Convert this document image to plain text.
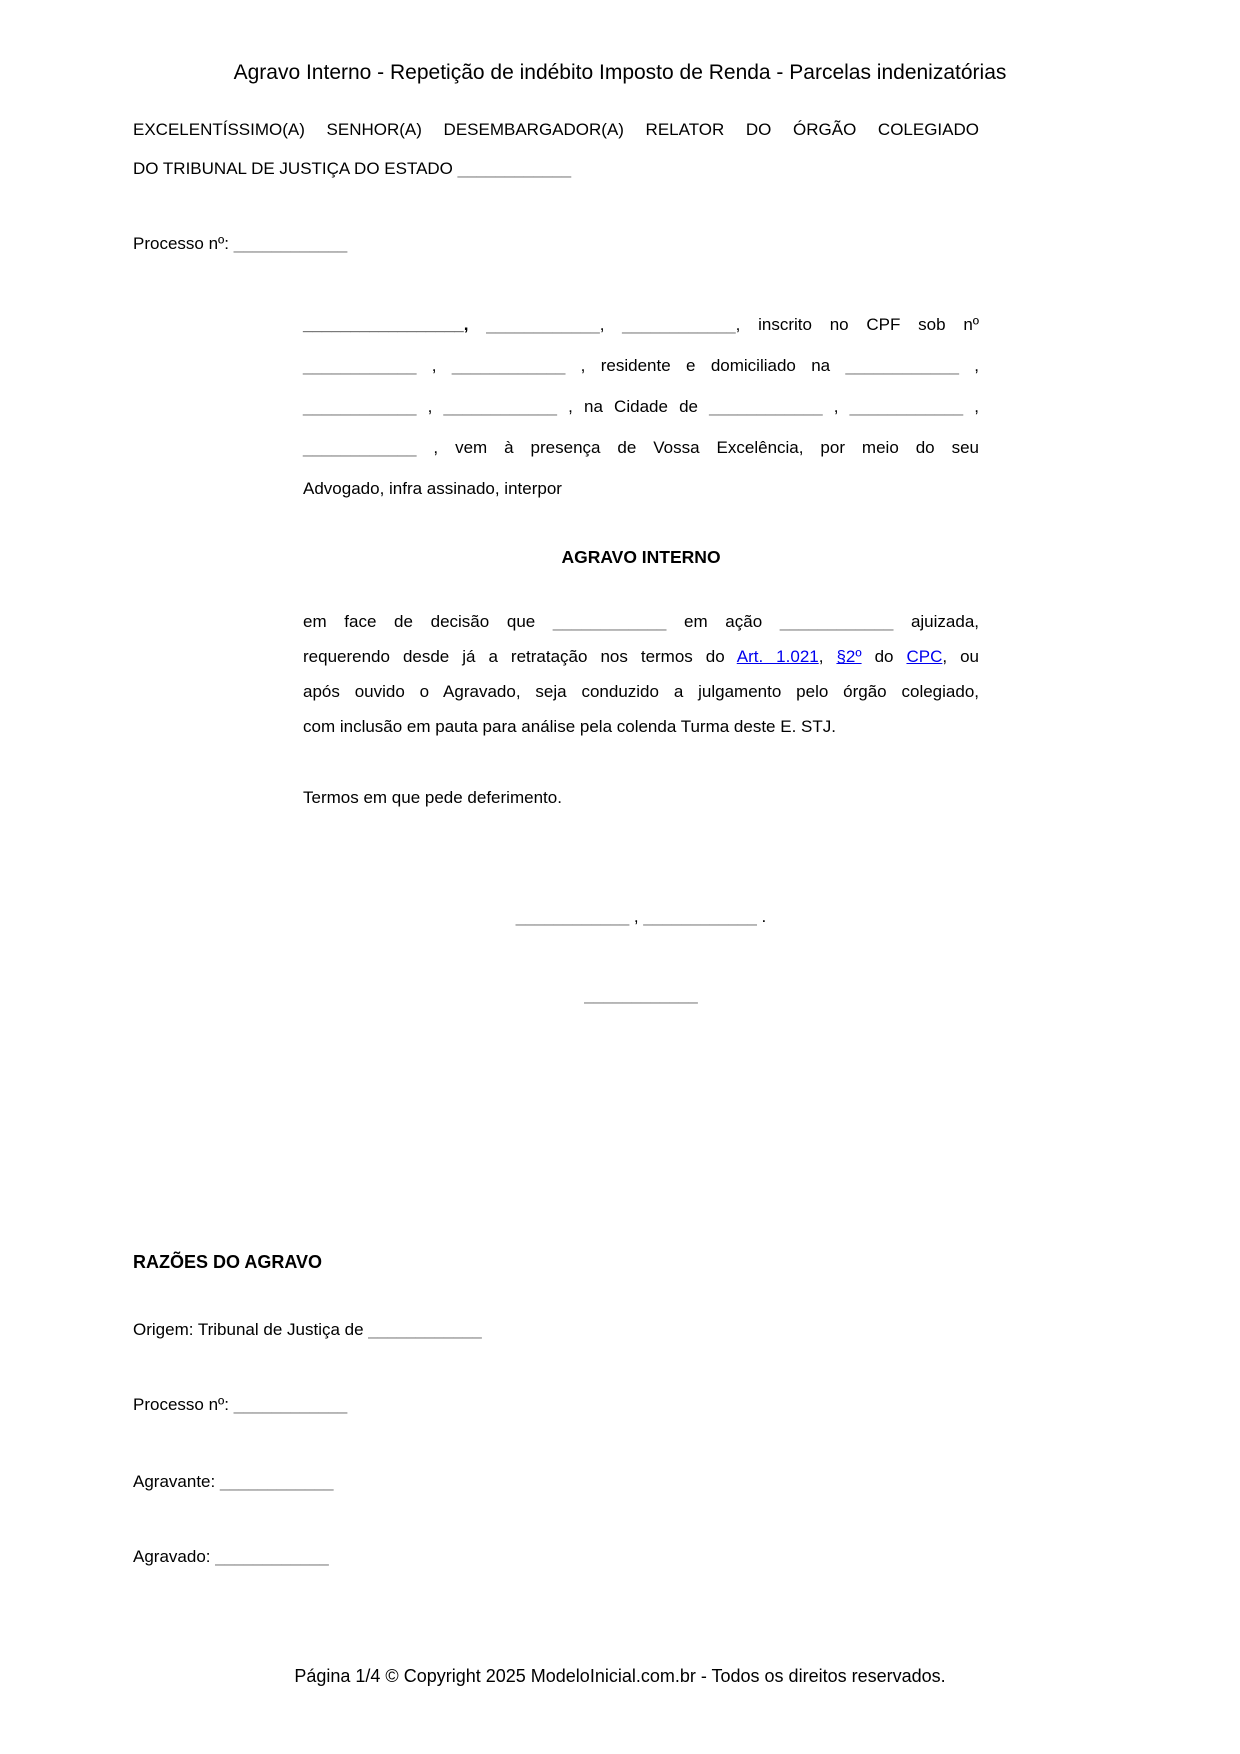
Agravo Interno - Repetição de indébito Imposto de Renda - Parcelas indenizatórias
EXCELENTÍSSIMO(A) SENHOR(A) DESEMBARGADOR(A) RELATOR DO ÓRGÃO COLEGIADO
DO TRIBUNAL DE JUSTIÇA DO ESTADO ____________
Processo nº: ____________
_________________, ____________, ____________, inscrito no CPF sob nº
____________ , ____________ , residente e domiciliado na ____________ ,
____________ , ____________ , na Cidade de ____________ , ____________ ,
____________ , vem à presença de Vossa Excelência, por meio do seu
Advogado, infra assinado, interpor
AGRAVO INTERNO
em face de decisão que ____________ em ação ____________ ajuizada,
requerendo desde já a retratação nos termos do Art. 1.021, §2º do CPC, ou
após ouvido o Agravado, seja conduzido a julgamento pelo órgão colegiado,
com inclusão em pauta para análise pela colenda Turma deste E. STJ.
Termos em que pede deferimento.
____________ , ____________ .
____________
RAZÕES DO AGRAVO
Origem: Tribunal de Justiça de ____________
Processo nº: ____________
Agravante: ____________
Agravado: ____________
Página 1/4 © Copyright 2025 ModeloInicial.com.br - Todos os direitos reservados.
